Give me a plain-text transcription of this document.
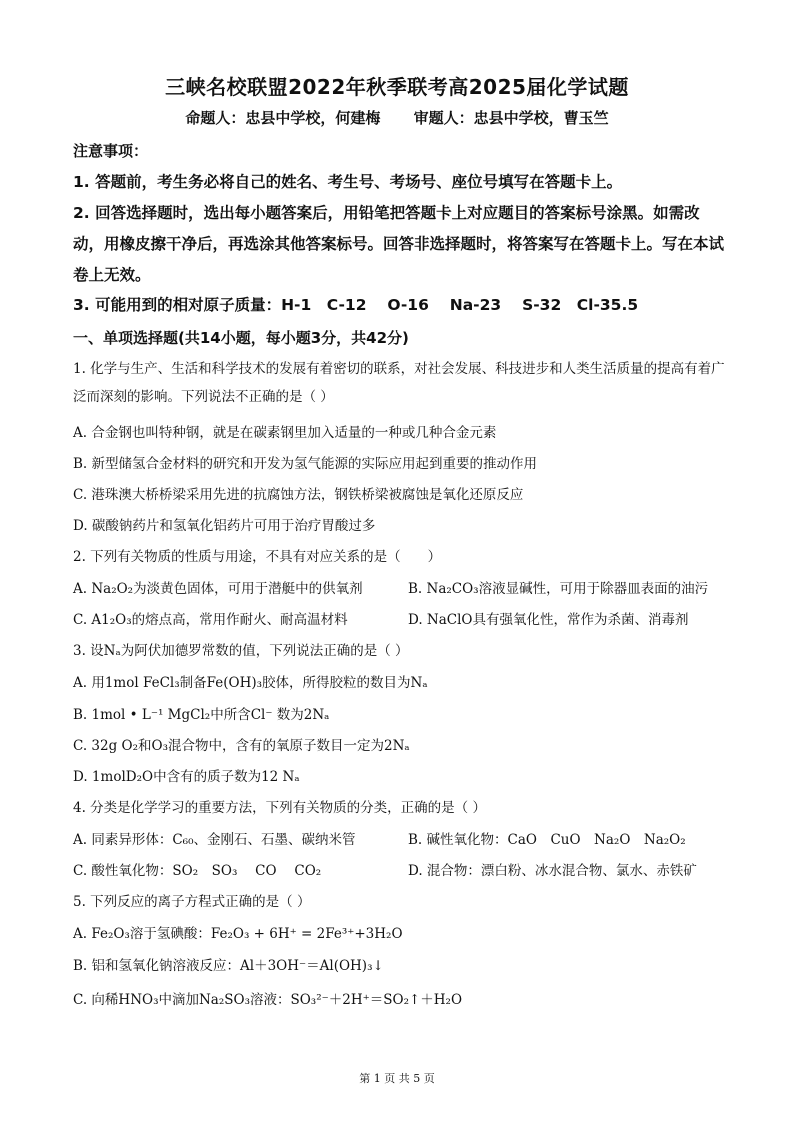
三峡名校联盟2022年秋季联考高2025届化学试题
命题人：忠县中学校，何建梅 审题人：忠县中学校，曹玉竺
注意事项：
1. 答题前，考生务必将自己的姓名、考生号、考场号、座位号填写在答题卡上。
2. 回答选择题时，选出每小题答案后，用铅笔把答题卡上对应题目的答案标号涂黑。如需改动，用橡皮擦干净后，再选涂其他答案标号。回答非选择题时，将答案写在答题卡上。写在本试卷上无效。
3. 可能用到的相对原子质量：H-1　C-12　 O-16　 Na-23　 S-32　Cl-35.5
一、单项选择题(共14小题，每小题3分，共42分)
1. 化学与生产、生活和科学技术的发展有着密切的联系，对社会发展、科技进步和人类生活质量的提高有着广泛而深刻的影响。下列说法不正确的是（ ）
A. 合金钢也叫特种钢，就是在碳素钢里加入适量的一种或几种合金元素
B. 新型储氢合金材料的研究和开发为氢气能源的实际应用起到重要的推动作用
C. 港珠澳大桥桥梁采用先进的抗腐蚀方法，钢铁桥梁被腐蚀是氧化还原反应
D. 碳酸钠药片和氢氧化铝药片可用于治疗胃酸过多
2. 下列有关物质的性质与用途，不具有对应关系的是（　　）
A. Na₂O₂为淡黄色固体，可用于潜艇中的供氧剂	B. Na₂CO₃溶液显碱性，可用于除器皿表面的油污
C. A1₂O₃的熔点高，常用作耐火、耐高温材料	D. NaClO具有强氧化性，常作为杀菌、消毒剂
3. 设Nₐ为阿伏加德罗常数的值，下列说法正确的是（ ）
A. 用1mol FeCl₃制备Fe(OH)₃胶体，所得胶粒的数目为Nₐ
B. 1mol • L⁻¹ MgCl₂中所含Cl⁻ 数为2Nₐ
C. 32g O₂和O₃混合物中，含有的氧原子数目一定为2Nₐ
D. 1molD₂O中含有的质子数为12 Nₐ
4. 分类是化学学习的重要方法，下列有关物质的分类，正确的是（ ）
A. 同素异形体：C₆₀、金刚石、石墨、碳纳米管	B. 碱性氧化物：CaO　CuO　Na₂O　Na₂O₂
C. 酸性氧化物：SO₂　SO₃　 CO　 CO₂	D. 混合物：漂白粉、冰水混合物、氯水、赤铁矿
5. 下列反应的离子方程式正确的是（ ）
A. Fe₂O₃溶于氢碘酸：Fe₂O₃ + 6H⁺ = 2Fe³⁺+3H₂O
B. 铝和氢氧化钠溶液反应：Al＋3OH⁻＝Al(OH)₃↓
C. 向稀HNO₃中滴加Na₂SO₃溶液：SO₃²⁻＋2H⁺＝SO₂↑＋H₂O
第 1 页 共 5 页
